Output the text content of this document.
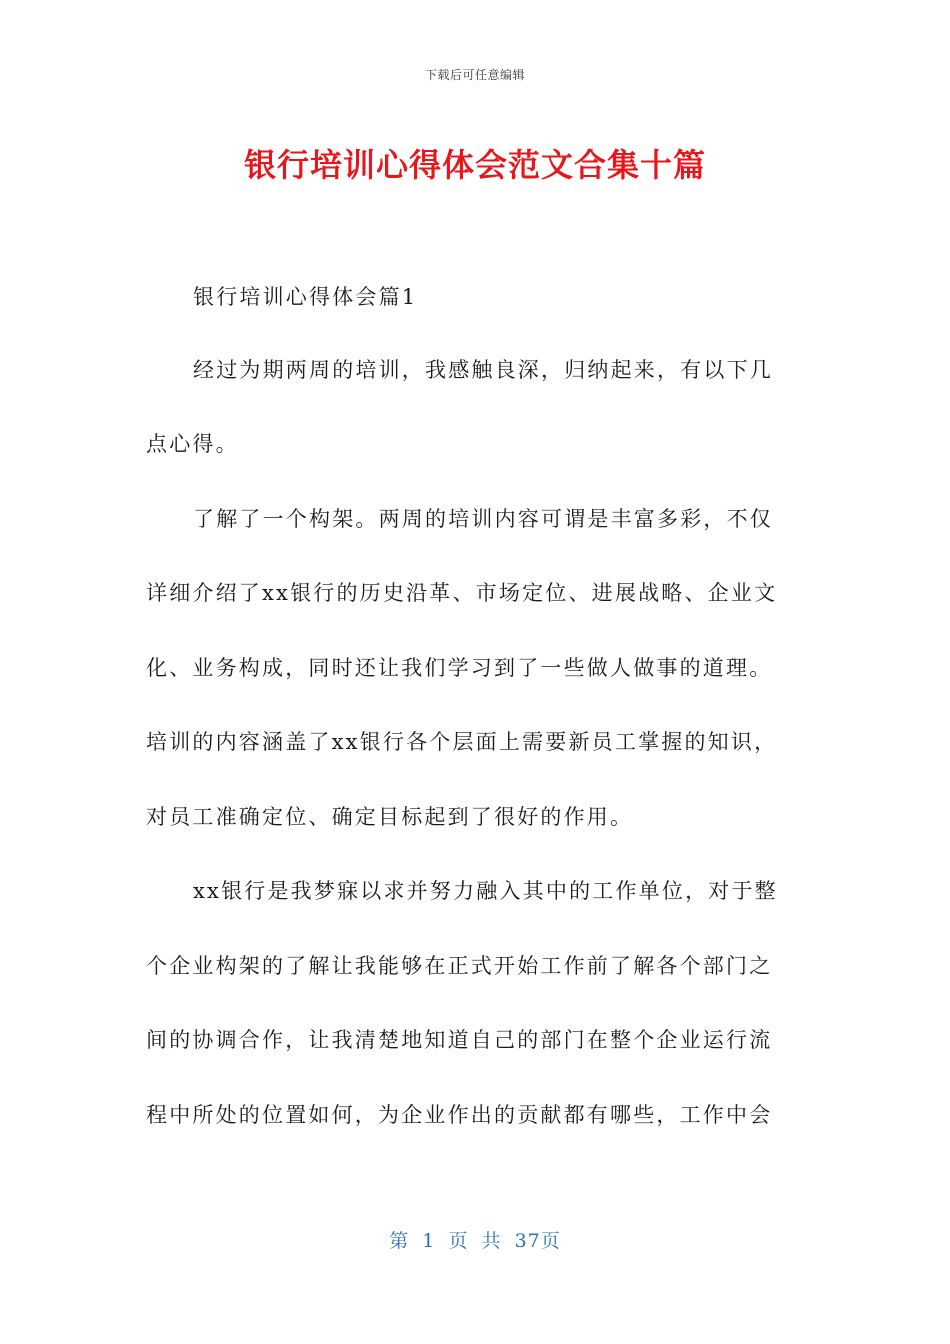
下载后可任意编辑
银行培训心得体会范文合集十篇
银行培训心得体会篇1
经过为期两周的培训，我感触良深，归纳起来，有以下几
点心得。
了解了一个构架。两周的培训内容可谓是丰富多彩，不仅
详细介绍了xx银行的历史沿革、市场定位、进展战略、企业文
化、业务构成，同时还让我们学习到了一些做人做事的道理。
培训的内容涵盖了xx银行各个层面上需要新员工掌握的知识，
对员工准确定位、确定目标起到了很好的作用。
xx银行是我梦寐以求并努力融入其中的工作单位，对于整
个企业构架的了解让我能够在正式开始工作前了解各个部门之
间的协调合作，让我清楚地知道自己的部门在整个企业运行流
程中所处的位置如何，为企业作出的贡献都有哪些，工作中会
第 1 页 共 37页
